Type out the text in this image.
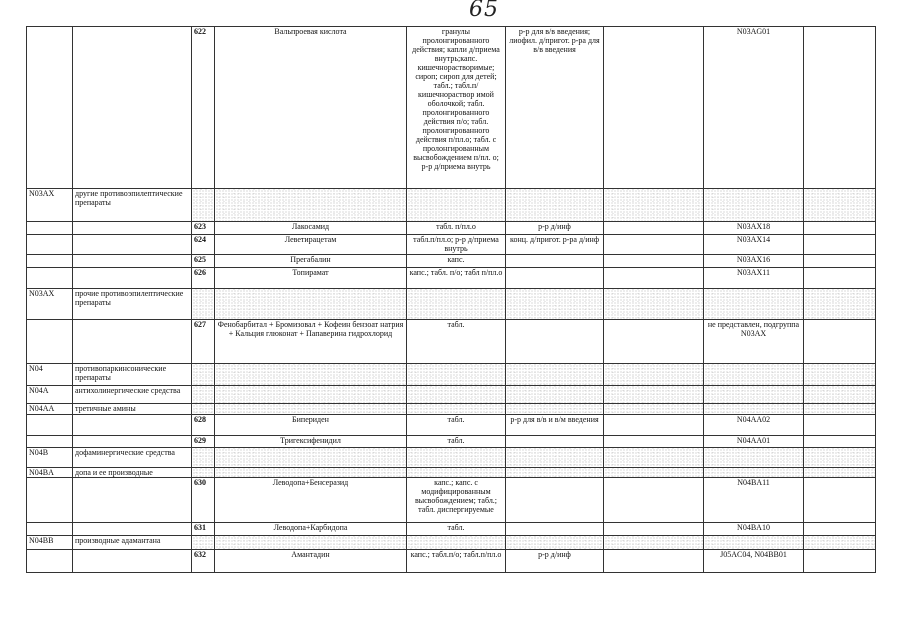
65
		622	Вальпроевая кислота	гранулы пролонгированного действия; капли д/приема внутрь;капс. кишечнорастворимые; сироп; сироп для детей; табл.; табл.п/кишечнораствор имой оболочкой; табл. пролонгированного действия п/о; табл. пролонгированного действия п/пл.о; табл. с пролонгированным высвобождением п/пл. о; р-р д/приема внутрь	р-р для в/в введения; лиофил. д/пригот. р-ра для в/в введения		N03AG01	
N03AX	другие противоэпилептические препараты							
		623	Лакосамид	табл. п/пл.о	р-р д/инф		N03AX18	
		624	Леветирацетам	табл.п/пл.о; р-р д/приема внутрь	конц. д/пригот. р-ра д/инф		N03AX14	
		625	Прегабалин	капс.			N03AX16	
		626	Топирамат	капс.; табл. п/о; табл п/пл.о			N03AX11	
N03AX	прочие противоэпилептические препараты							
		627	Фенобарбитал + Бромизовал + Кофеин бензоат натрия + Кальция глюконат + Папаверина гидрохлорид	табл.			не представлен, подгруппа N03AX	
N04	противопаркинсонические препараты							
N04A	антихолинергические средства							
N04AA	третичные амины							
		628	Бипериден	табл.	р-р для в/в и в/м введения		N04AA02	
		629	Тригексифенидил	табл.			N04AA01	
N04B	дофаминергические средства							
N04BA	допа и ее производные							
		630	Леводопа+Бенсеразид	капс.; капс. с модифицированным высвобождением; табл.; табл. диспергируемые			N04BA11	
		631	Леводопа+Карбидопа	табл.			N04BA10	
N04BB	производные адамантана							
		632	Амантадин	капс.; табл.п/о; табл.п/пл.о	р-р д/инф		J05AC04, N04BB01	
